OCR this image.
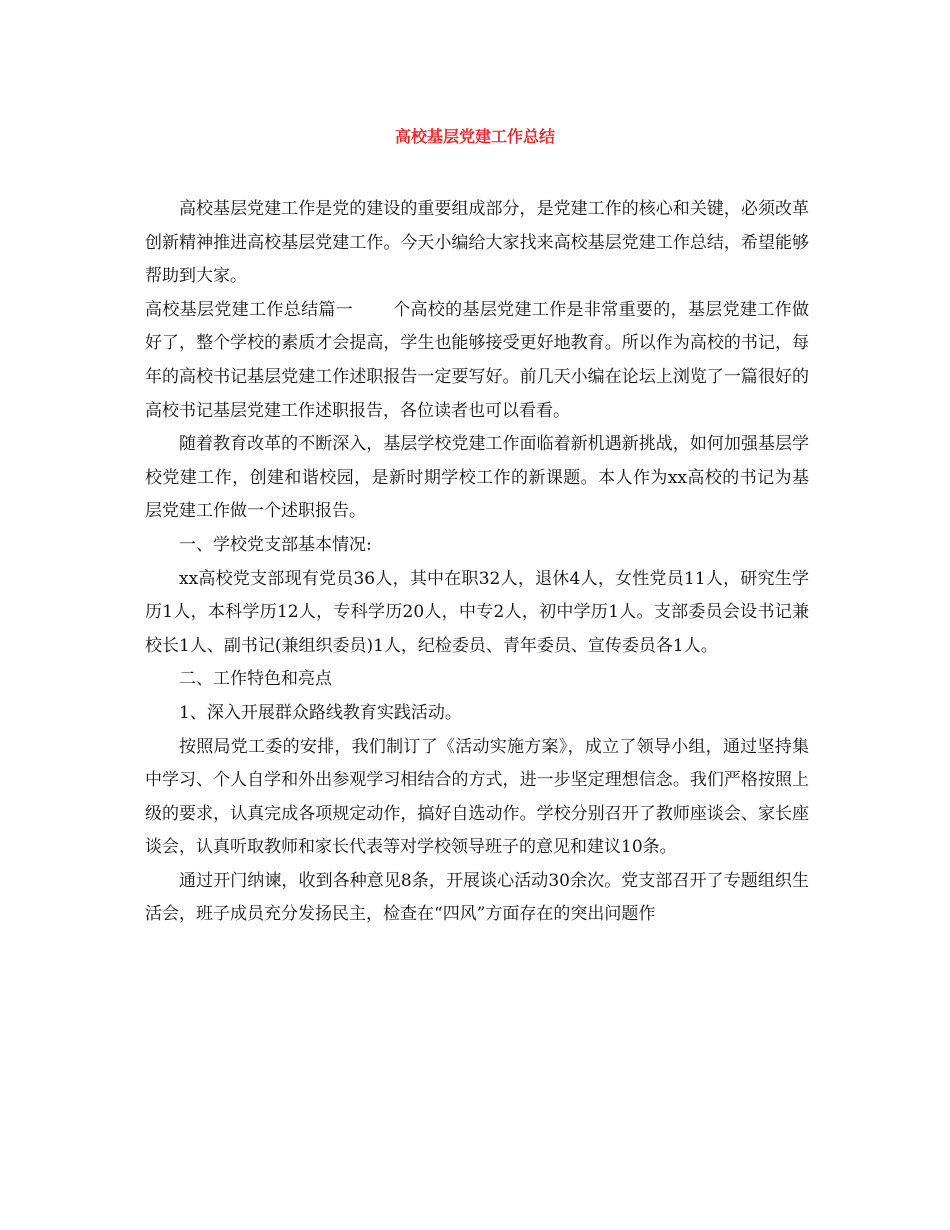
高校基层党建工作总结

高校基层党建工作是党的建设的重要组成部分，是党建工作的核心和关键，必须改革创新精神推进高校基层党建工作。今天小编给大家找来高校基层党建工作总结，希望能够帮助到大家。

高校基层党建工作总结篇一 个高校的基层党建工作是非常重要的，基层党建工作做好了，整个学校的素质才会提高，学生也能够接受更好地教育。所以作为高校的书记，每年的高校书记基层党建工作述职报告一定要写好。前几天小编在论坛上浏览了一篇很好的高校书记基层党建工作述职报告，各位读者也可以看看。

随着教育改革的不断深入，基层学校党建工作面临着新机遇新挑战，如何加强基层学校党建工作，创建和谐校园，是新时期学校工作的新课题。本人作为xx高校的书记为基层党建工作做一个述职报告。

一、学校党支部基本情况:

xx高校党支部现有党员36人，其中在职32人，退休4人，女性党员11人，研究生学历1人，本科学历12人，专科学历20人，中专2人，初中学历1人。支部委员会设书记兼校长1人、副书记(兼组织委员)1人，纪检委员、青年委员、宣传委员各1人。

二、工作特色和亮点

1、深入开展群众路线教育实践活动。

按照局党工委的安排，我们制订了《活动实施方案》，成立了领导小组，通过坚持集中学习、个人自学和外出参观学习相结合的方式，进一步坚定理想信念。我们严格按照上级的要求，认真完成各项规定动作，搞好自选动作。学校分别召开了教师座谈会、家长座谈会，认真听取教师和家长代表等对学校领导班子的意见和建议10条。

通过开门纳谏，收到各种意见8条，开展谈心活动30余次。党支部召开了专题组织生活会，班子成员充分发扬民主，检查在“四风”方面存在的突出问题作
